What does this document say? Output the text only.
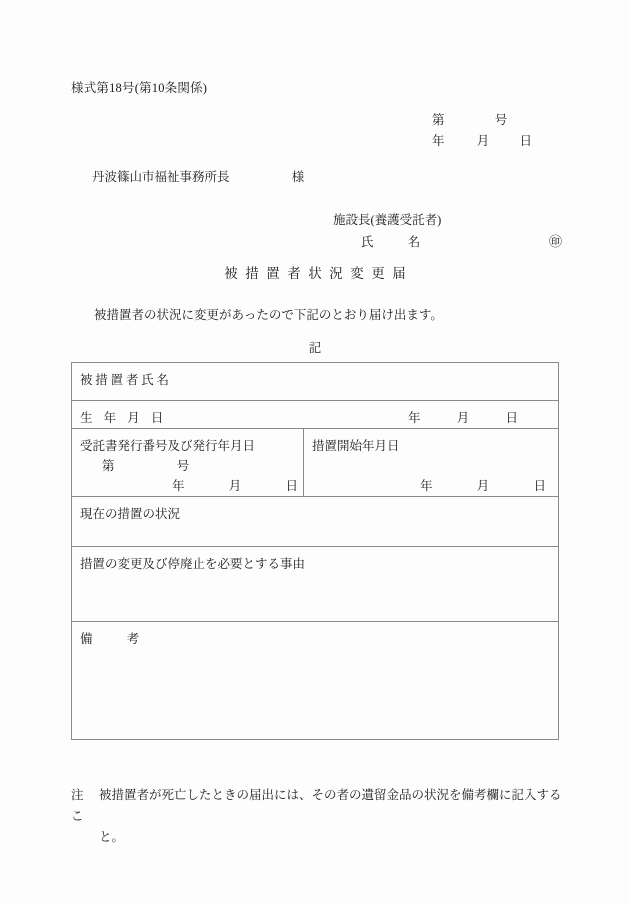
様式第18号(第10条関係)
第	号
年	月 日
丹波篠山市福祉事務所長	様
施設長(養護受託者)
氏	名	㊞
被措置者状況変更届
被措置者の状況に変更があったので下記のとおり届け出ます。
記
被措置者氏名

生 年 月 日	年	月	日

受託書発行番号及び発行年月日
第	号
年	月	日

措置開始年月日
年	月	日

現在の措置の状況
措置の変更及び停廃止を必要とする事由
備	考
注 被措置者が死亡したときの届出には、その者の遺留金品の状況を備考欄に記入するこ
と。
